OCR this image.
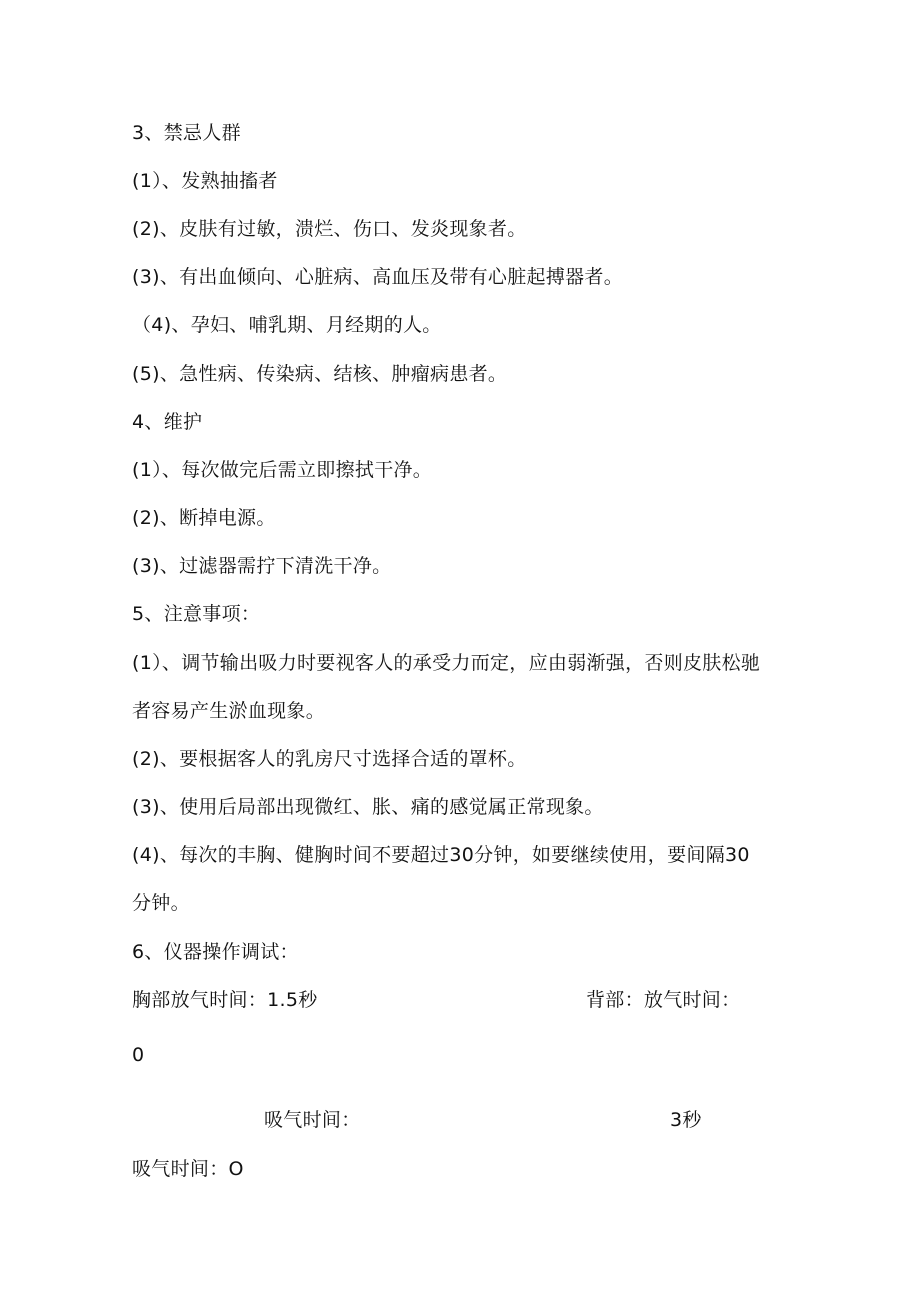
3、禁忌人群
(1）、发熟抽搐者
(2)、皮肤有过敏，溃烂、伤口、发炎现象者。
(3)、有出血倾向、心脏病、高血压及带有心脏起搏器者。
（4)、孕妇、哺乳期、月经期的人。
(5)、急性病、传染病、结核、肿瘤病患者。
4、维护
(1）、每次做完后需立即擦拭干净。
(2)、断掉电源。
(3)、过滤器需拧下清洗干净。
5、注意事项：
(1）、调节输出吸力时要视客人的承受力而定，应由弱渐强，否则皮肤松驰
者容易产生淤血现象。
(2)、要根据客人的乳房尺寸选择合适的罩杯。
(3)、使用后局部出现微红、胀、痛的感觉属正常现象。
(4)、每次的丰胸、健胸时间不要超过30分钟，如要继续使用，要间隔30
分钟。
6、仪器操作调试：
胸部放气时间：1.5秒	背部：放气时间：
0
吸气时间：	3秒
吸气时间：O
